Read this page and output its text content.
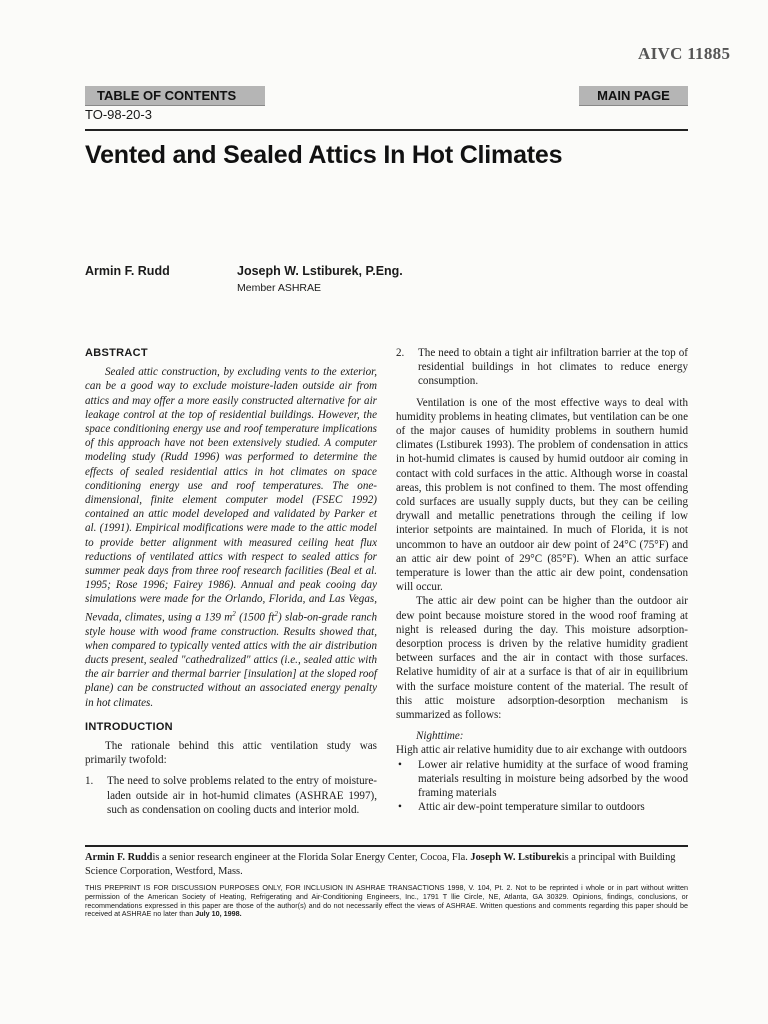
AIVC 11885
TABLE OF CONTENTS	MAIN PAGE
TO-98-20-3
Vented and Sealed Attics In Hot Climates
Armin F. Rudd	Joseph W. Lstiburek, P.Eng.
Member ASHRAE
ABSTRACT

Sealed attic construction, by excluding vents to the exterior, can be a good way to exclude moisture-laden outside air from attics and may offer a more easily constructed alternative for air leakage control at the top of residential buildings. However, the space conditioning energy use and roof temperature implications of this approach have not been extensively studied. A computer modeling study (Rudd 1996) was performed to determine the effects of sealed residential attics in hot climates on space conditioning energy use and roof temperatures. The one-dimensional, finite element computer model (FSEC 1992) contained an attic model developed and validated by Parker et al. (1991). Empirical modifications were made to the attic model to provide better alignment with measured ceiling heat flux reductions of ventilated attics with respect to sealed attics for summer peak days from three roof research facilities (Beal et al. 1995; Rose 1996; Fairey 1986). Annual and peak cooing day simulations were made for the Orlando, Florida, and Las Vegas, Nevada, climates, using a 139 $m^2$ (1500 $ft^2$) slab-on-grade ranch style house with wood frame construction. Results showed that, when compared to typically vented attics with the air distribution ducts present, sealed "cathedralized" attics (i.e., sealed attic with the air barrier and thermal barrier [insulation] at the sloped roof plane) can be constructed without an associated energy penalty in hot climates.

INTRODUCTION

The rationale behind this attic ventilation study was primarily twofold:

1. The need to solve problems related to the entry of moisture-laden outside air in hot-humid climates (ASHRAE 1997), such as condensation on cooling ducts and interior mold.
2. The need to obtain a tight air infiltration barrier at the top of residential buildings in hot climates to reduce energy consumption.

Ventilation is one of the most effective ways to deal with humidity problems in heating climates, but ventilation can be one of the major causes of humidity problems in southern humid climates (Lstiburek 1993). The problem of condensation in attics in hot-humid climates is caused by humid outdoor air coming in contact with cold surfaces in the attic. Although worse in coastal areas, this problem is not confined to them. The most offending cold surfaces are usually supply ducts, but they can be ceiling drywall and metallic penetrations through the ceiling if low interior setpoints are maintained. In much of Florida, it is not uncommon to have an outdoor air dew point of 24°C (75°F) and an attic air dew point of 29°C (85°F). When an attic surface temperature is lower than the attic air dew point, condensation will occur.

The attic air dew point can be higher than the outdoor air dew point because moisture stored in the wood roof framing at night is released during the day. This moisture adsorption-desorption process is driven by the relative humidity gradient between surfaces and the air in contact with those surfaces. Relative humidity of air at a surface is that of air in equilibrium with the surface moisture content of the material. The result of this attic moisture adsorption-desorption mechanism is summarized as follows:

Nighttime:

High attic air relative humidity due to air exchange with outdoors

• Lower air relative humidity at the surface of wood framing materials resulting in moisture being adsorbed by the wood framing materials
• Attic air dew-point temperature similar to outdoors
Armin F. Ruddis a senior research engineer at the Florida Solar Energy Center, Cocoa, Fla. Joseph W. Lstiburekis a principal with Building Science Corporation, Westford, Mass.
THIS PREPRINT IS FOR DISCUSSION PURPOSES ONLY, FOR INCLUSION IN ASHRAE TRANSACTIONS 1998, V. 104, Pt. 2. Not to be reprinted i whole or in part without written permission of the American Society of Heating, Refrigerating and Air-Conditioning Engineers, Inc., 1791 T llie Circle, NE, Atlanta, GA 30329. Opinions, findings, conclusions, or recommendations expressed in this paper are those of the author(s) and do not necessarily effect the views of ASHRAE. Written questions and comments regarding this paper should be received at ASHRAE no later than July 10, 1998.
